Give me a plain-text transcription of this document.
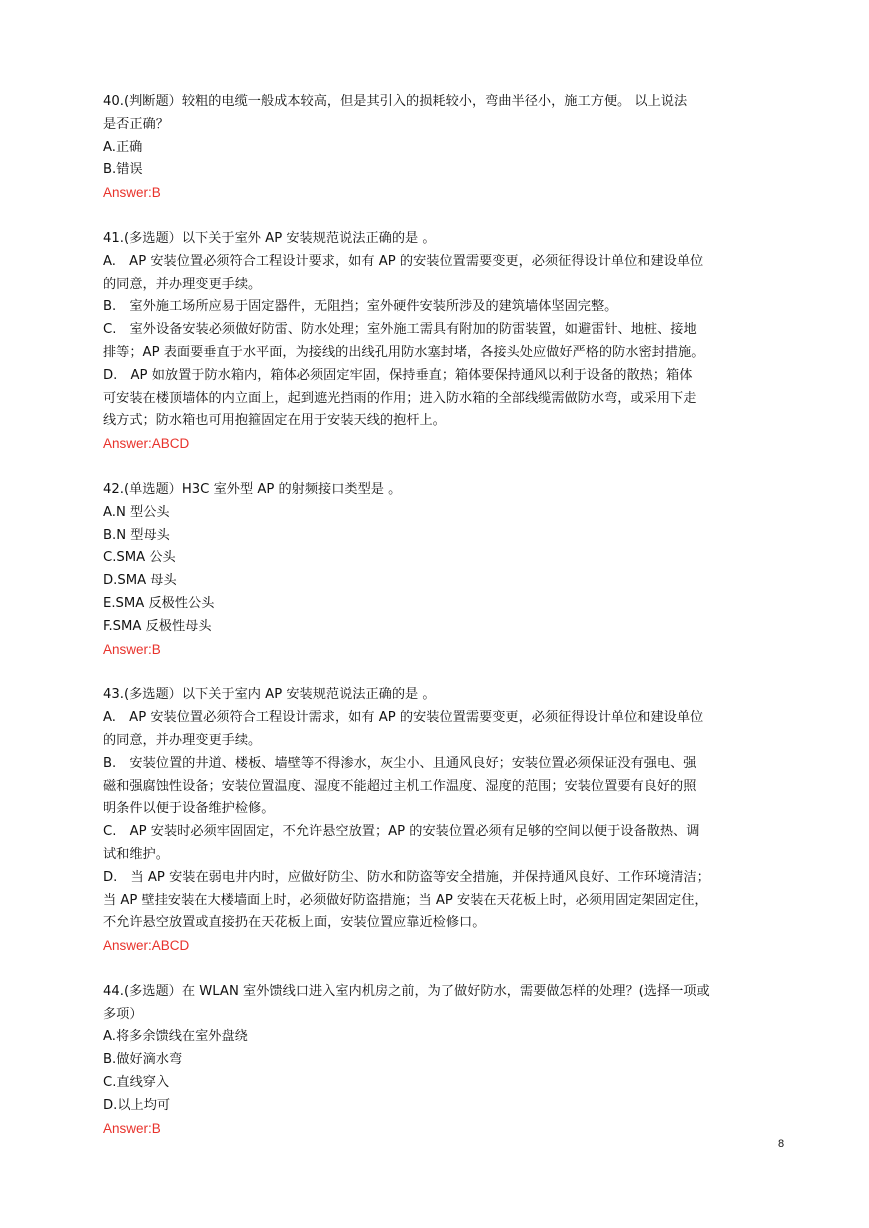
40.(判断题）较粗的电缆一般成本较高，但是其引入的损耗较小，弯曲半径小，施工方便。 以上说法
是否正确？
A.正确
B.错误
Answer:B
41.(多选题）以下关于室外 AP 安装规范说法正确的是 。
A.　AP 安装位置必须符合工程设计要求，如有 AP 的安装位置需要变更，必须征得设计单位和建设单位
的同意，并办理变更手续。
B.　室外施工场所应易于固定器件，无阻挡；室外硬件安装所涉及的建筑墙体坚固完整。
C.　室外设备安装必须做好防雷、防水处理；室外施工需具有附加的防雷装置，如避雷针、地桩、接地
排等；AP 表面要垂直于水平面，为接线的出线孔用防水塞封堵，各接头处应做好严格的防水密封措施。
D.　AP 如放置于防水箱内，箱体必须固定牢固，保持垂直；箱体要保持通风以利于设备的散热；箱体
可安装在楼顶墙体的内立面上，起到遮光挡雨的作用；进入防水箱的全部线缆需做防水弯，或采用下走
线方式；防水箱也可用抱箍固定在用于安装天线的抱杆上。
Answer:ABCD
42.(单选题）H3C 室外型 AP 的射频接口类型是 。
A.N 型公头
B.N 型母头
C.SMA 公头
D.SMA 母头
E.SMA 反极性公头
F.SMA 反极性母头
Answer:B
43.(多选题）以下关于室内 AP 安装规范说法正确的是 。
A.　AP 安装位置必须符合工程设计需求，如有 AP 的安装位置需要变更，必须征得设计单位和建设单位
的同意，并办理变更手续。
B.　安装位置的井道、楼板、墙壁等不得渗水，灰尘小、且通风良好；安装位置必须保证没有强电、强
磁和强腐蚀性设备；安装位置温度、湿度不能超过主机工作温度、湿度的范围；安装位置要有良好的照
明条件以便于设备维护检修。
C.　AP 安装时必须牢固固定，不允许悬空放置；AP 的安装位置必须有足够的空间以便于设备散热、调
试和维护。
D.　当 AP 安装在弱电井内时，应做好防尘、防水和防盗等安全措施，并保持通风良好、工作环境清洁；
当 AP 壁挂安装在大楼墙面上时，必须做好防盗措施；当 AP 安装在天花板上时，必须用固定架固定住，
不允许悬空放置或直接扔在天花板上面，安装位置应靠近检修口。
Answer:ABCD
44.(多选题）在 WLAN 室外馈线口进入室内机房之前，为了做好防水，需要做怎样的处理？(选择一项或
多项）
A.将多余馈线在室外盘绕
B.做好滴水弯
C.直线穿入
D.以上均可
Answer:B
8
